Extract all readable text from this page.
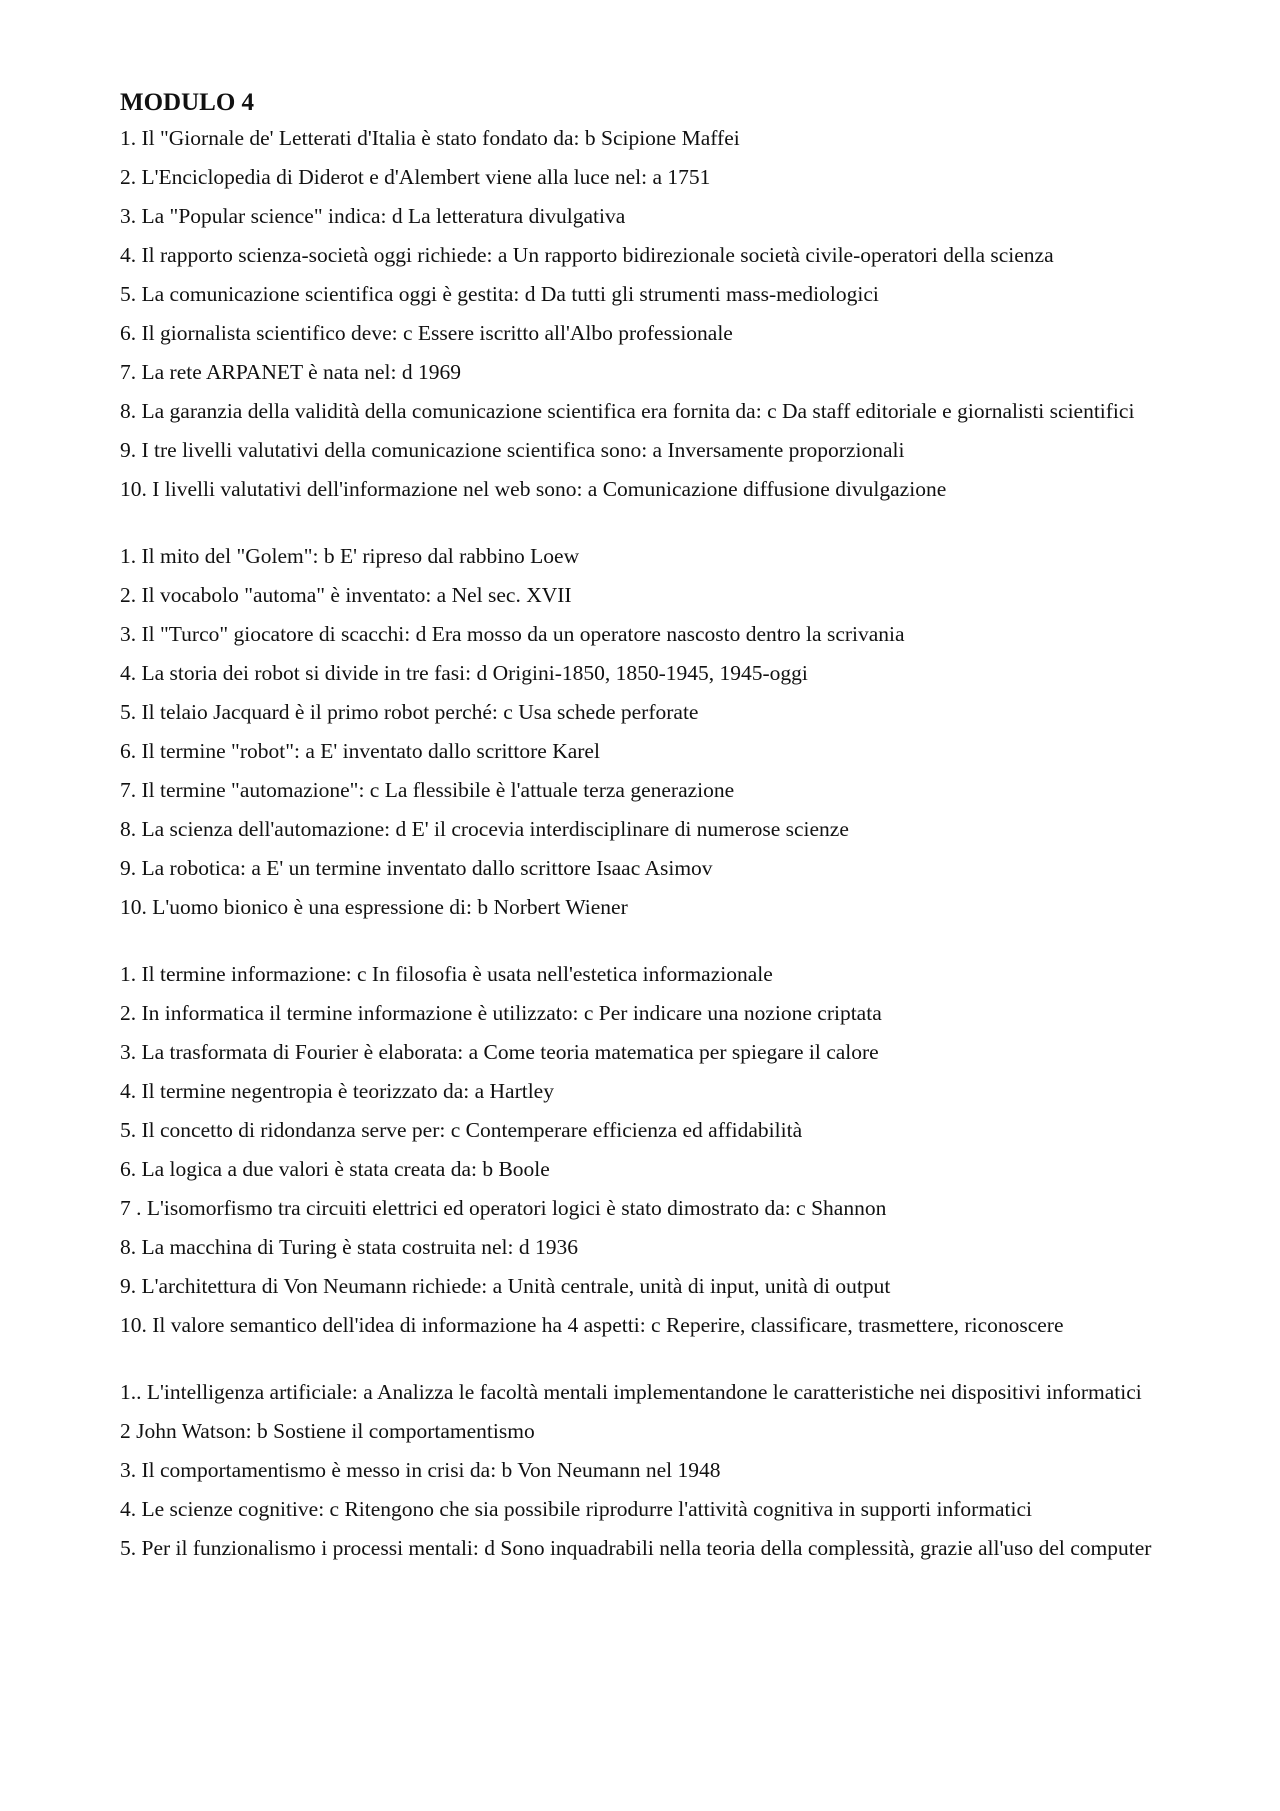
MODULO 4

1. Il "Giornale de' Letterati d'Italia è stato fondato da: b Scipione Maffei

2. L'Enciclopedia di Diderot e d'Alembert viene alla luce nel: a 1751

3. La "Popular science" indica: d La letteratura divulgativa

4. Il rapporto scienza-società oggi richiede: a Un rapporto bidirezionale società civile-operatori della scienza

5. La comunicazione scientifica oggi è gestita: d Da tutti gli strumenti mass-mediologici

6. Il giornalista scientifico deve: c Essere iscritto all'Albo professionale

7. La rete ARPANET è nata nel: d 1969

8. La garanzia della validità della comunicazione scientifica era fornita da: c Da staff editoriale e giornalisti scientifici

9. I tre livelli valutativi della comunicazione scientifica sono: a Inversamente proporzionali

10. I livelli valutativi dell'informazione nel web sono: a Comunicazione diffusione divulgazione

1. Il mito del "Golem": b E' ripreso dal rabbino Loew

2. Il vocabolo "automa" è inventato: a Nel sec. XVII

3. Il "Turco" giocatore di scacchi: d Era mosso da un operatore nascosto dentro la scrivania

4. La storia dei robot si divide in tre fasi: d Origini-1850, 1850-1945, 1945-oggi

5. Il telaio Jacquard è il primo robot perché: c Usa schede perforate

6. Il termine "robot": a E' inventato dallo scrittore Karel

7. Il termine "automazione": c La flessibile è l'attuale terza generazione

8. La scienza dell'automazione: d E' il crocevia interdisciplinare di numerose scienze

9. La robotica: a E' un termine inventato dallo scrittore Isaac Asimov

10. L'uomo bionico è una espressione di: b Norbert Wiener

1. Il termine informazione: c In filosofia è usata nell'estetica informazionale

2. In informatica il termine informazione è utilizzato: c Per indicare una nozione criptata

3. La trasformata di Fourier è elaborata: a Come teoria matematica per spiegare il calore

4. Il termine negentropia è teorizzato da: a Hartley

5. Il concetto di ridondanza serve per: c Contemperare efficienza ed affidabilità

6. La logica a due valori è stata creata da: b Boole

7 . L'isomorfismo tra circuiti elettrici ed operatori logici è stato dimostrato da: c Shannon

8. La macchina di Turing è stata costruita nel: d 1936

9. L'architettura di Von Neumann richiede: a Unità centrale, unità di input, unità di output

10. Il valore semantico dell'idea di informazione ha 4 aspetti: c Reperire, classificare, trasmettere, riconoscere

1.. L'intelligenza artificiale: a Analizza le facoltà mentali implementandone le caratteristiche nei dispositivi informatici

2 John Watson: b Sostiene il comportamentismo

3. Il comportamentismo è messo in crisi da: b Von Neumann nel 1948

4. Le scienze cognitive: c Ritengono che sia possibile riprodurre l'attività cognitiva in supporti informatici

5. Per il funzionalismo i processi mentali: d Sono inquadrabili nella teoria della complessità, grazie all'uso del computer
